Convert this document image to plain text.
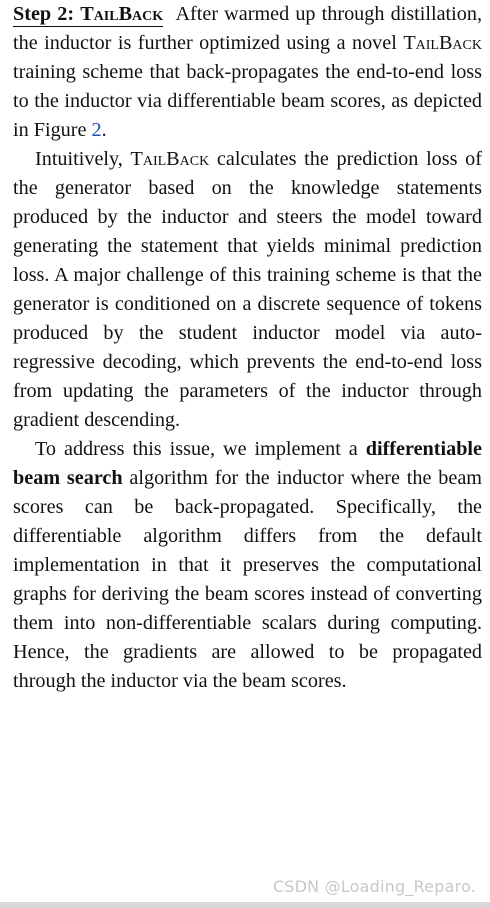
Step 2: TailBack After warmed up through distillation, the inductor is further optimized using a novel TailBack training scheme that back-propagates the end-to-end loss to the inductor via differentiable beam scores, as depicted in Figure 2.

Intuitively, TailBack calculates the prediction loss of the generator based on the knowledge statements produced by the inductor and steers the model toward generating the statement that yields minimal prediction loss. A major challenge of this training scheme is that the generator is conditioned on a discrete sequence of tokens produced by the student inductor model via auto-regressive decoding, which prevents the end-to-end loss from updating the parameters of the inductor through gradient descending.

To address this issue, we implement a differentiable beam search algorithm for the inductor where the beam scores can be back-propagated. Specifically, the differentiable algorithm differs from the default implementation in that it preserves the computational graphs for deriving the beam scores instead of converting them into non-differentiable scalars during computing. Hence, the gradients are allowed to be propagated through the inductor via the beam scores.

CSDN @Loading_Reparo.
